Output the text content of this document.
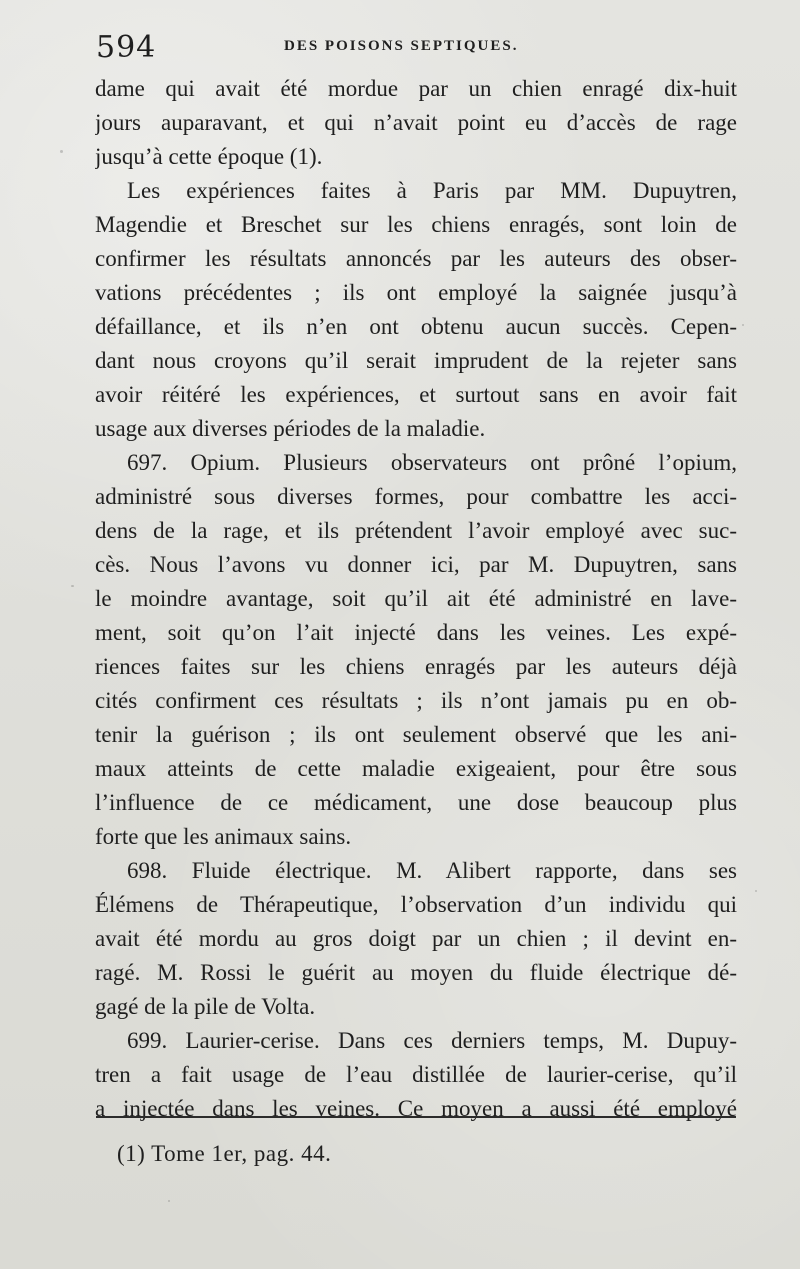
594	DES POISONS SEPTIQUES.
dame qui avait été mordue par un chien enragé dix-huit
jours auparavant, et qui n’avait point eu d’accès de rage
jusqu’à cette époque (1).
Les expériences faites à Paris par MM. Dupuytren,
Magendie et Breschet sur les chiens enragés, sont loin de
confirmer les résultats annoncés par les auteurs des obser-
vations précédentes ; ils ont employé la saignée jusqu’à
défaillance, et ils n’en ont obtenu aucun succès. Cepen-
dant nous croyons qu’il serait imprudent de la rejeter sans
avoir réitéré les expériences, et surtout sans en avoir fait
usage aux diverses périodes de la maladie.
697. Opium. Plusieurs observateurs ont prôné l’opium,
administré sous diverses formes, pour combattre les acci-
dens de la rage, et ils prétendent l’avoir employé avec suc-
cès. Nous l’avons vu donner ici, par M. Dupuytren, sans
le moindre avantage, soit qu’il ait été administré en lave-
ment, soit qu’on l’ait injecté dans les veines. Les expé-
riences faites sur les chiens enragés par les auteurs déjà
cités confirment ces résultats ; ils n’ont jamais pu en ob-
tenir la guérison ; ils ont seulement observé que les ani-
maux atteints de cette maladie exigeaient, pour être sous
l’influence de ce médicament, une dose beaucoup plus
forte que les animaux sains.
698. Fluide électrique. M. Alibert rapporte, dans ses
Élémens de Thérapeutique, l’observation d’un individu qui
avait été mordu au gros doigt par un chien ; il devint en-
ragé. M. Rossi le guérit au moyen du fluide électrique dé-
gagé de la pile de Volta.
699. Laurier-cerise. Dans ces derniers temps, M. Dupuy-
tren a fait usage de l’eau distillée de laurier-cerise, qu’il
a injectée dans les veines. Ce moyen a aussi été employé
(1) Tome 1er, pag. 44.
